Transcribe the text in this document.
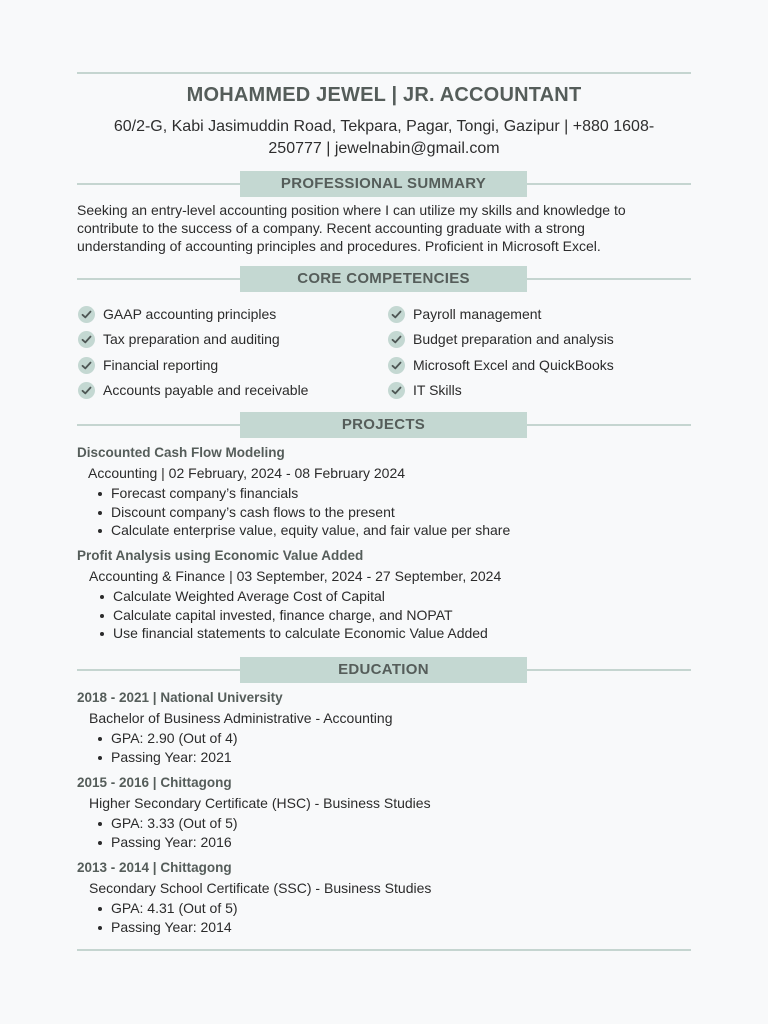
MOHAMMED JEWEL | JR. ACCOUNTANT
60/2-G, Kabi Jasimuddin Road, Tekpara, Pagar, Tongi, Gazipur | +880 1608-250777 | jewelnabin@gmail.com
PROFESSIONAL SUMMARY
Seeking an entry-level accounting position where I can utilize my skills and knowledge to contribute to the success of a company. Recent accounting graduate with a strong understanding of accounting principles and procedures. Proficient in Microsoft Excel.
CORE COMPETENCIES
GAAP accounting principles
Tax preparation and auditing
Financial reporting
Accounts payable and receivable
Payroll management
Budget preparation and analysis
Microsoft Excel and QuickBooks
IT Skills
PROJECTS
Discounted Cash Flow Modeling
Accounting | 02 February, 2024 - 08 February 2024
Forecast company’s financials
Discount company’s cash flows to the present
Calculate enterprise value, equity value, and fair value per share
Profit Analysis using Economic Value Added
Accounting & Finance | 03 September, 2024 - 27 September, 2024
Calculate Weighted Average Cost of Capital
Calculate capital invested, finance charge, and NOPAT
Use financial statements to calculate Economic Value Added
EDUCATION
2018 - 2021 | National University
Bachelor of Business Administrative - Accounting
GPA: 2.90 (Out of 4)
Passing Year: 2021
2015 - 2016 | Chittagong
Higher Secondary Certificate (HSC) - Business Studies
GPA: 3.33 (Out of 5)
Passing Year: 2016
2013 - 2014 | Chittagong
Secondary School Certificate (SSC) - Business Studies
GPA: 4.31 (Out of 5)
Passing Year: 2014
